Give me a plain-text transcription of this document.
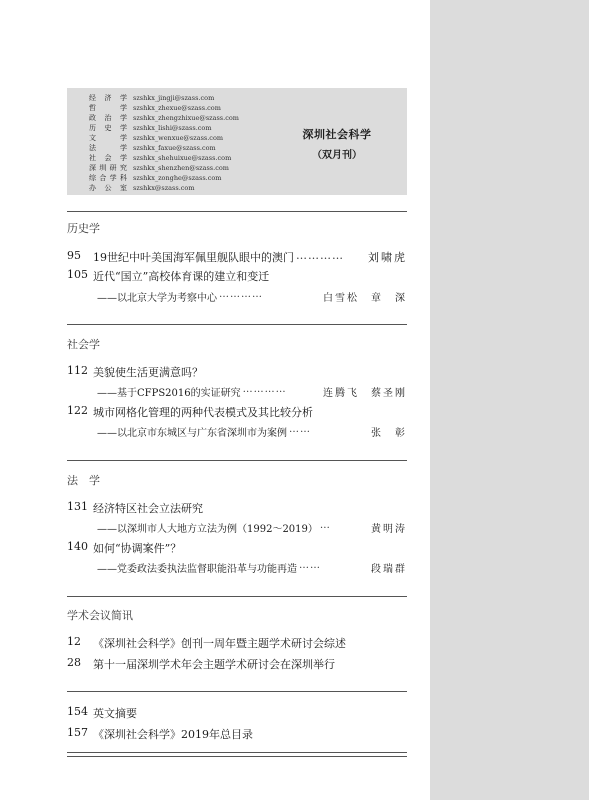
经济学 szshkx_jingji@szass.com
哲学 szshkx_zhexue@szass.com
政治学 szshkx_zhengzhixue@szass.com
历史学 szshkx_lishi@szass.com
文学 szshkx_wenxue@szass.com
法学 szshkx_faxue@szass.com
社会学 szshkx_shehuixue@szass.com
深圳研究 szshkx_shenzhen@szass.com
综合学科 szshkx_zonghe@szass.com
办公室 szshkx@szass.com
深圳社会科学
（双月刊）
历史学
95	19世纪中叶美国海军佩里舰队眼中的澳门 …………	刘啸虎
105 近代“国立”高校体育课的建立和变迁
——以北京大学为考察中心 …………	白雪松　章　深
社会学
112 美貌使生活更满意吗？
——基于CFPS2016的实证研究 …………	连腾飞　蔡圣刚
122 城市网格化管理的两种代表模式及其比较分析
——以北京市东城区与广东省深圳市为案例 ……	张　彰
法　学
131 经济特区社会立法研究
——以深圳市人大地方立法为例（1992～2019） …	黄明涛
140 如何“协调案件”？
——党委政法委执法监督职能沿革与功能再造 ……	段瑞群
学术会议简讯
12	《深圳社会科学》创刊一周年暨主题学术研讨会综述
28	第十一届深圳学术年会主题学术研讨会在深圳举行
154 英文摘要
157 《深圳社会科学》2019年总目录
